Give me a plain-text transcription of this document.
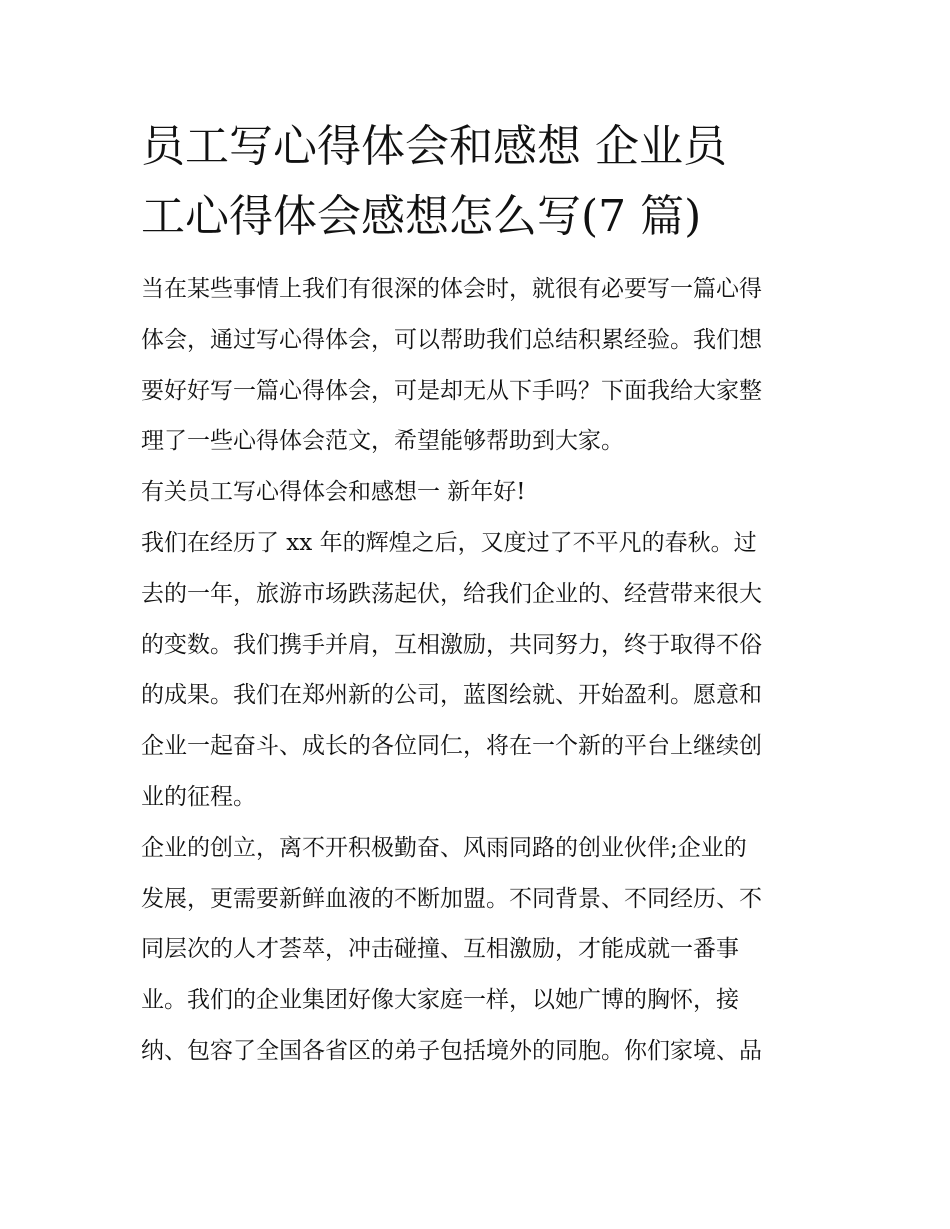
员工写心得体会和感想 企业员
工心得体会感想怎么写(7 篇)

当在某些事情上我们有很深的体会时，就很有必要写一篇心得
体会，通过写心得体会，可以帮助我们总结积累经验。我们想
要好好写一篇心得体会，可是却无从下手吗？下面我给大家整
理了一些心得体会范文，希望能够帮助到大家。

有关员工写心得体会和感想一 新年好!

我们在经历了 xx 年的辉煌之后，又度过了不平凡的春秋。过
去的一年，旅游市场跌荡起伏，给我们企业的、经营带来很大
的变数。我们携手并肩，互相激励，共同努力，终于取得不俗
的成果。我们在郑州新的公司，蓝图绘就、开始盈利。愿意和
企业一起奋斗、成长的各位同仁，将在一个新的平台上继续创
业的征程。

企业的创立，离不开积极勤奋、风雨同路的创业伙伴;企业的
发展，更需要新鲜血液的不断加盟。不同背景、不同经历、不
同层次的人才荟萃，冲击碰撞、互相激励，才能成就一番事
业。我们的企业集团好像大家庭一样，以她广博的胸怀，接
纳、包容了全国各省区的弟子包括境外的同胞。你们家境、品
